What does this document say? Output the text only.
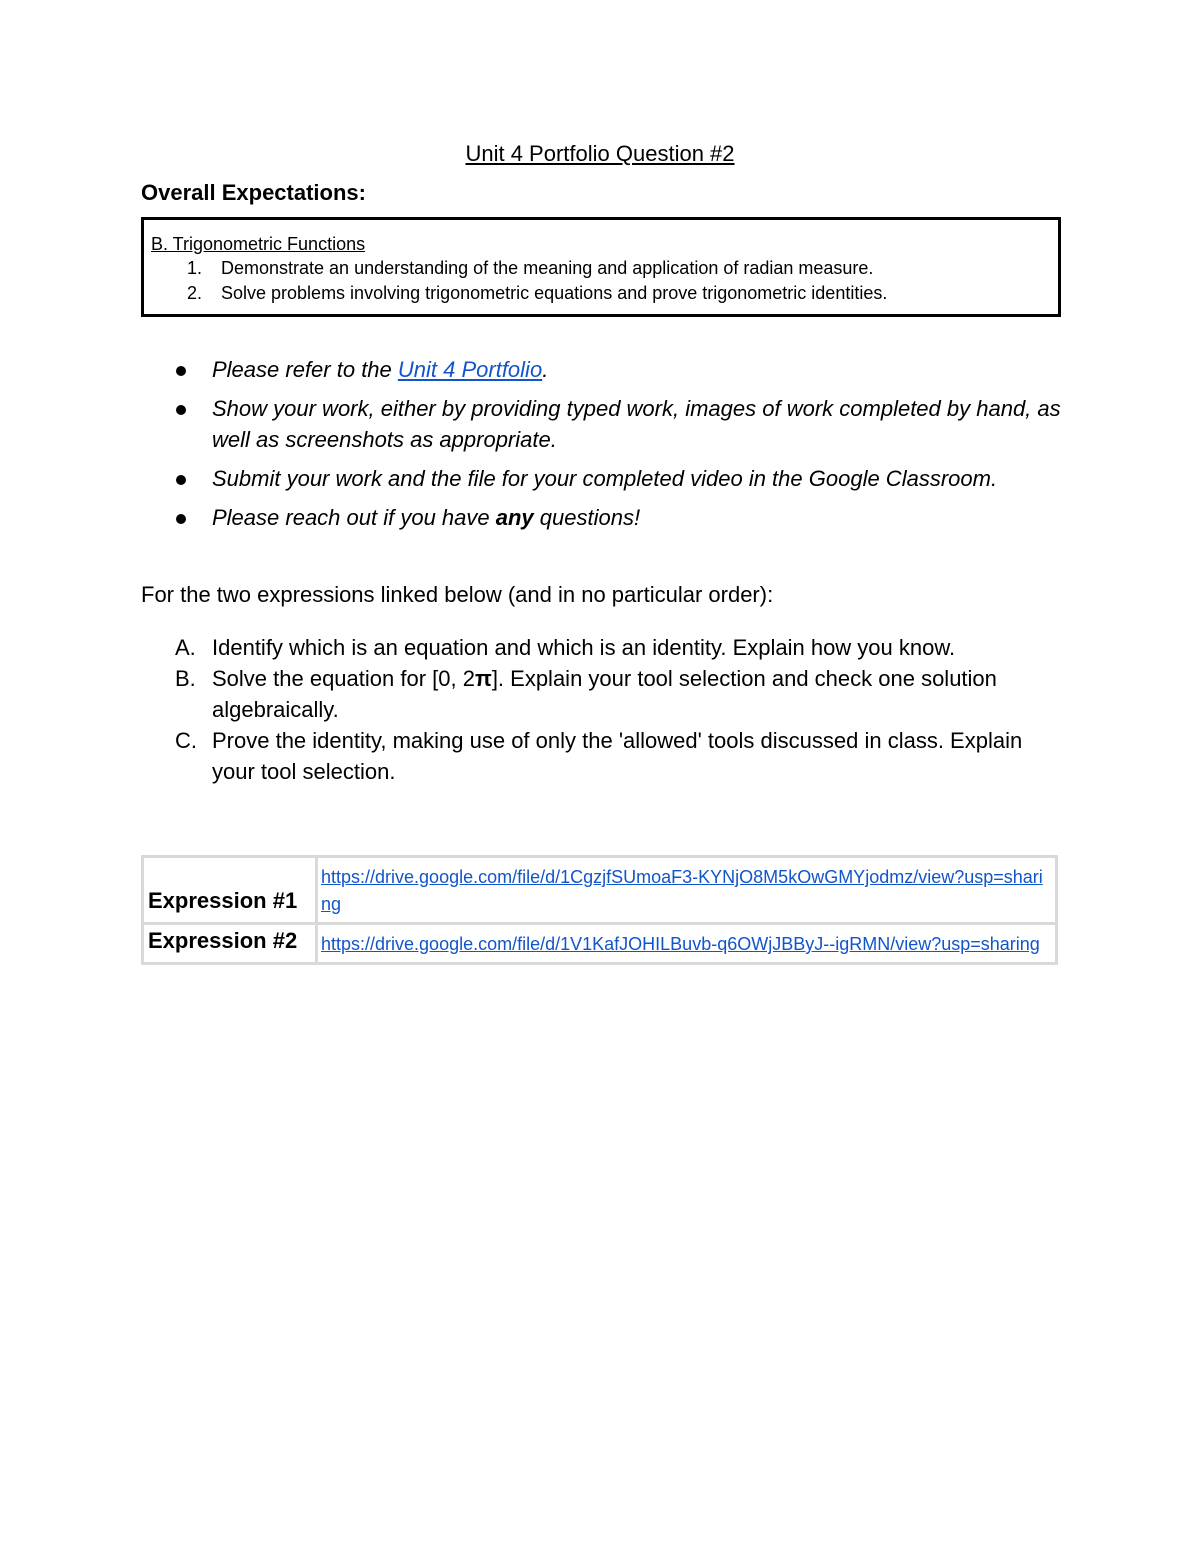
Unit 4 Portfolio Question #2
Overall Expectations:
B. Trigonometric Functions
1. Demonstrate an understanding of the meaning and application of radian measure.
2. Solve problems involving trigonometric equations and prove trigonometric identities.
Please refer to the Unit 4 Portfolio.
Show your work, either by providing typed work, images of work completed by hand, as well as screenshots as appropriate.
Submit your work and the file for your completed video in the Google Classroom.
Please reach out if you have any questions!
For the two expressions linked below (and in no particular order):
A. Identify which is an equation and which is an identity. Explain how you know.
B. Solve the equation for [0, 2π]. Explain your tool selection and check one solution algebraically.
C. Prove the identity, making use of only the 'allowed' tools discussed in class. Explain your tool selection.
Expression #1	https://drive.google.com/file/d/1CgzjfSUmoaF3-KYNjO8M5kOwGMYjodmz/view?usp=sharing
Expression #2	https://drive.google.com/file/d/1V1KafJOHILBuvb-q6OWjJBByJ--igRMN/view?usp=sharing
